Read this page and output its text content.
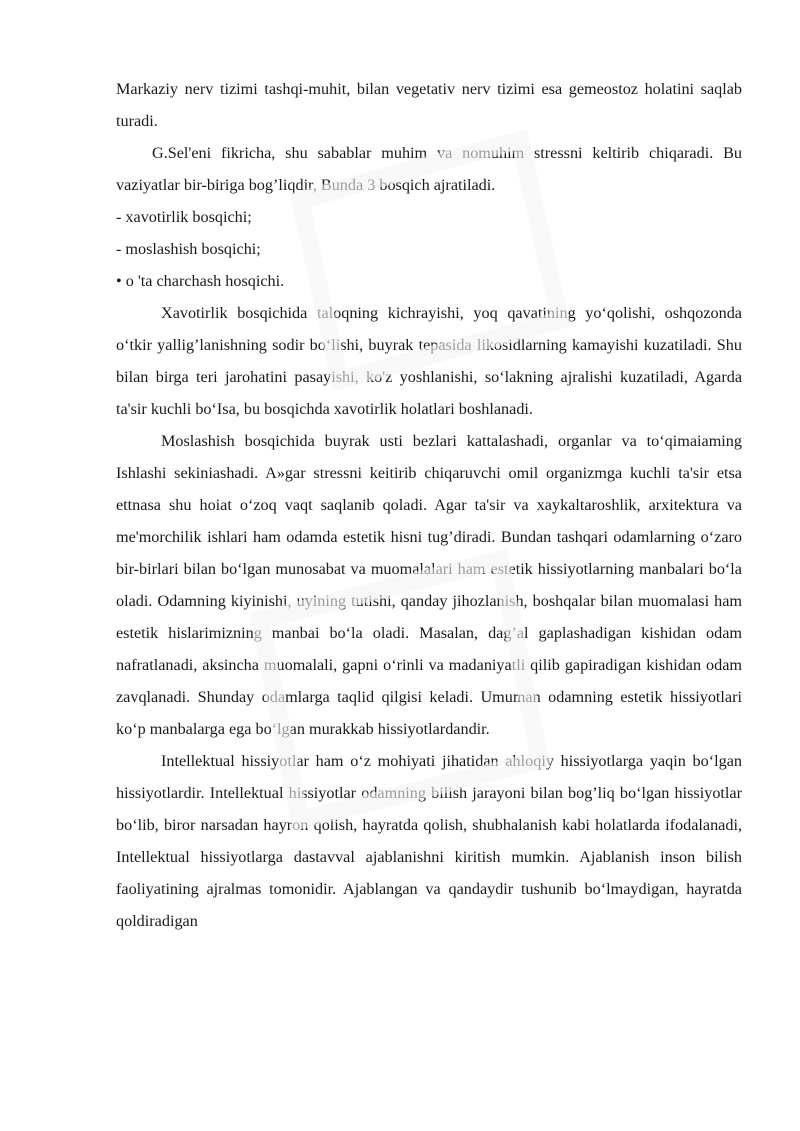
Markaziy nerv tizimi tashqi-muhit, bilan vegetativ nerv tizimi esa gemeostoz holatini saqlab turadi.

G.Sel'eni fikricha, shu sabablar muhim va nomuhim stressni keltirib chiqaradi. Bu vaziyatlar bir-biriga bog’liqdir, Bunda 3 bosqich ajratiladi.

- xavotirlik bosqichi;

- moslashish bosqichi;

• o 'ta charchash hosqichi.

Xavotirlik bosqichida taloqning kichrayishi, yoq qavatining yo‘qolishi, oshqozonda o‘tkir yallig’lanishning sodir bo‘lishi, buyrak tepasida likosidlarning kamayishi kuzatiladi. Shu bilan birga teri jarohatini pasayishi, ko'z yoshlanishi, so‘lakning ajralishi kuzatiladi, Agarda ta'sir kuchli bo‘Isa, bu bosqichda xavotirlik holatlari boshlanadi.

Moslashish bosqichida buyrak usti bezlari kattalashadi, organlar va to‘qimaiaming Ishlashi sekiniashadi. A»gar stressni keitirib chiqaruvchi omil organizmga kuchli ta'sir etsa ettnasa shu hoiat o‘zoq vaqt saqlanib qoladi. Agar ta'sir va xaykaltaroshlik, arxitektura va me'morchilik ishlari ham odamda estetik hisni tug’diradi. Bundan tashqari odamlarning o‘zaro bir-birlari bilan bo‘lgan munosabat va muomalalari ham estetik hissiyotlarning manbalari bo‘la oladi. Odamning kiyinishi, uyining tutishi, qanday jihozlanish, boshqalar bilan muomalasi ham estetik hislarimizning manbai bo‘la oladi. Masalan, dag’al gaplashadigan kishidan odam nafratlanadi, aksincha muomalali, gapni o‘rinli va madaniyatli qilib gapiradigan kishidan odam zavqlanadi. Shunday odamlarga taqlid qilgisi keladi. Umuman odamning estetik hissiyotlari ko‘p manbalarga ega bo‘lgan murakkab hissiyotlardandir.

Intellektual hissiyotlar ham o‘z mohiyati jihatidan ahloqiy hissiyotlarga yaqin bo‘lgan hissiyotlardir. Intellektual hissiyotlar odamning bilish jarayoni bilan bog’liq bo‘lgan hissiyotlar bo‘lib, biror narsadan hayron qolish, hayratda qolish, shubhalanish kabi holatlarda ifodalanadi, Intellektual hissiyotlarga dastavval ajablanishni kiritish mumkin. Ajablanish inson bilish faoliyatining ajralmas tomonidir. Ajablangan va qandaydir tushunib bo‘lmaydigan, hayratda qoldiradigan
